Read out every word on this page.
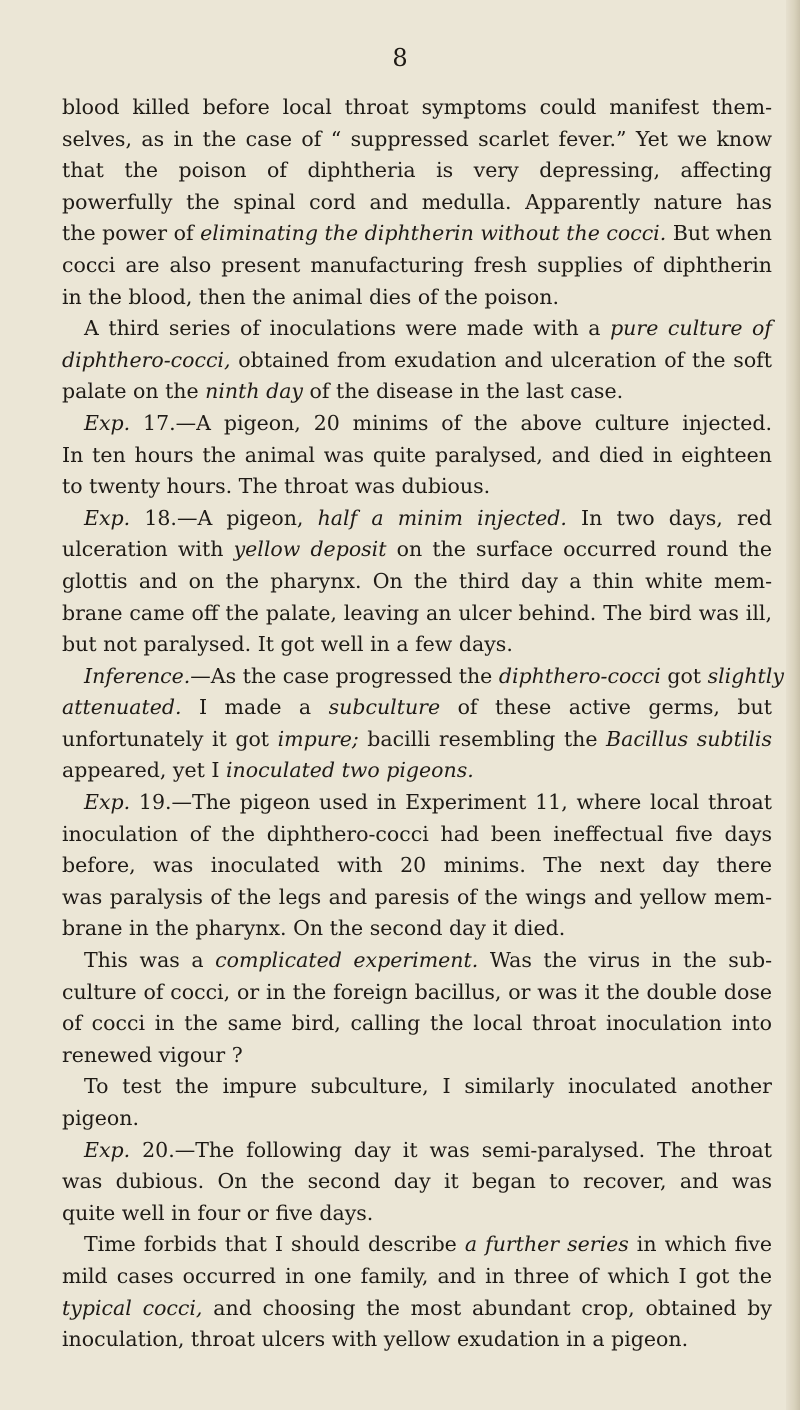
8
blood killed before local throat symptoms could manifest them-
selves, as in the case of “ suppressed scarlet fever.” Yet we know
that the poison of diphtheria is very depressing, affecting
powerfully the spinal cord and medulla. Apparently nature has
the power of eliminating the diphtherin without the cocci. But when
cocci are also present manufacturing fresh supplies of diphtherin
in the blood, then the animal dies of the poison.
A third series of inoculations were made with a pure culture of
diphthero-cocci, obtained from exudation and ulceration of the soft
palate on the ninth day of the disease in the last case.
Exp. 17.—A pigeon, 20 minims of the above culture injected.
In ten hours the animal was quite paralysed, and died in eighteen
to twenty hours. The throat was dubious.
Exp. 18.—A pigeon, half a minim injected. In two days, red
ulceration with yellow deposit on the surface occurred round the
glottis and on the pharynx. On the third day a thin white mem-
brane came off the palate, leaving an ulcer behind. The bird was ill,
but not paralysed. It got well in a few days.
Inference.—As the case progressed the diphthero-cocci got slightly
attenuated. I made a subculture of these active germs, but
unfortunately it got impure; bacilli resembling the Bacillus subtilis
appeared, yet I inoculated two pigeons.
Exp. 19.—The pigeon used in Experiment 11, where local throat
inoculation of the diphthero-cocci had been ineffectual five days
before, was inoculated with 20 minims. The next day there
was paralysis of the legs and paresis of the wings and yellow mem-
brane in the pharynx. On the second day it died.
This was a complicated experiment. Was the virus in the sub-
culture of cocci, or in the foreign bacillus, or was it the double dose
of cocci in the same bird, calling the local throat inoculation into
renewed vigour ?
To test the impure subculture, I similarly inoculated another
pigeon.
Exp. 20.—The following day it was semi-paralysed. The throat
was dubious. On the second day it began to recover, and was
quite well in four or five days.
Time forbids that I should describe a further series in which five
mild cases occurred in one family, and in three of which I got the
typical cocci, and choosing the most abundant crop, obtained by
inoculation, throat ulcers with yellow exudation in a pigeon.
